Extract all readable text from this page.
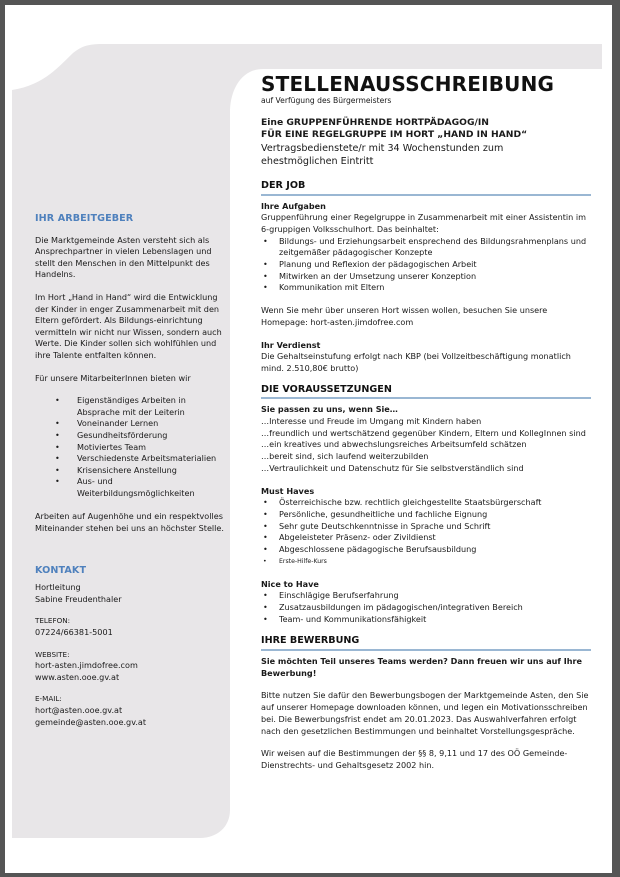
IHR ARBEITGEBER

Die Marktgemeinde Asten versteht sich als Ansprechpartner in vielen Lebenslagen und stellt den Menschen in den Mittelpunkt des Handelns.

Im Hort „Hand in Hand“ wird die Entwicklung der Kinder in enger Zusammenarbeit mit den Eltern gefördert. Als Bildungs-einrichtung vermitteln wir nicht nur Wissen, sondern auch Werte. Die Kinder sollen sich wohlfühlen und ihre Talente entfalten können.

Für unsere MitarbeiterInnen bieten wir

• Eigenständiges Arbeiten in Absprache mit der Leiterin
• Voneinander Lernen
• Gesundheitsförderung
• Motiviertes Team
• Verschiedenste Arbeitsmaterialien
• Krisensichere Anstellung
• Aus- und Weiterbildungsmöglichkeiten

Arbeiten auf Augenhöhe und ein respektvolles Miteinander stehen bei uns an höchster Stelle.

KONTAKT
Hortleitung
Sabine Freudenthaler
TELEFON:
07224/66381-5001
WEBSITE:
hort-asten.jimdofree.com
www.asten.ooe.gv.at
E-MAIL:
hort@asten.ooe.gv.at
gemeinde@asten.ooe.gv.at
STELLENAUSSCHREIBUNG
auf Verfügung des Bürgermeisters
Eine GRUPPENFÜHRENDE HORTPÄDAGOG/IN
FÜR EINE REGELGRUPPE IM HORT „HAND IN HAND“
Vertragsbedienstete/r mit 34 Wochenstunden zum
ehestmöglichen Eintritt
DER JOB
Ihre Aufgaben

Gruppenführung einer Regelgruppe in Zusammenarbeit mit einer Assistentin im 6-gruppigen Volksschulhort. Das beinhaltet:

• Bildungs- und Erziehungsarbeit ensprechend des Bildungsrahmenplans und zeitgemäßer pädagogischer Konzepte
• Planung und Reflexion der pädagogischen Arbeit
• Mitwirken an der Umsetzung unserer Konzeption
• Kommunikation mit Eltern

Wenn Sie mehr über unseren Hort wissen wollen, besuchen Sie unsere Homepage: hort-asten.jimdofree.com

Ihr Verdienst

Die Gehaltseinstufung erfolgt nach KBP (bei Vollzeitbeschäftigung monatlich mind. 2.510,80€ brutto)

DIE VORAUSSETZUNGEN
Sie passen zu uns, wenn Sie…

…Interesse und Freude im Umgang mit Kindern haben

…freundlich und wertschätzend gegenüber Kindern, Eltern und KollegInnen sind

…ein kreatives und abwechslungsreiches Arbeitsumfeld schätzen

…bereit sind, sich laufend weiterzubilden

…Vertraulichkeit und Datenschutz für Sie selbstverständlich sind

Must Haves
• Österreichische bzw. rechtlich gleichgestellte Staatsbürgerschaft
• Persönliche, gesundheitliche und fachliche Eignung
• Sehr gute Deutschkenntnisse in Sprache und Schrift
• Abgeleisteter Präsenz- oder Zivildienst
• Abgeschlossene pädagogische Berufsausbildung
• Erste-Hilfe-Kurs
Nice to Have
• Einschlägige Berufserfahrung
• Zusatzausbildungen im pädagogischen/integrativen Bereich
• Team- und Kommunikationsfähigkeit
IHRE BEWERBUNG

Sie möchten Teil unseres Teams werden? Dann freuen wir uns auf Ihre Bewerbung!

Bitte nutzen Sie dafür den Bewerbungsbogen der Marktgemeinde Asten, den Sie auf unserer Homepage downloaden können, und legen ein Motivationsschreiben bei. Die Bewerbungsfrist endet am 20.01.2023. Das Auswahlverfahren erfolgt nach den gesetzlichen Bestimmungen und beinhaltet Vorstellungsgespräche.

Wir weisen auf die Bestimmungen der §§ 8, 9,11 und 17 des OÖ Gemeinde-Dienstrechts- und Gehaltsgesetz 2002 hin.
